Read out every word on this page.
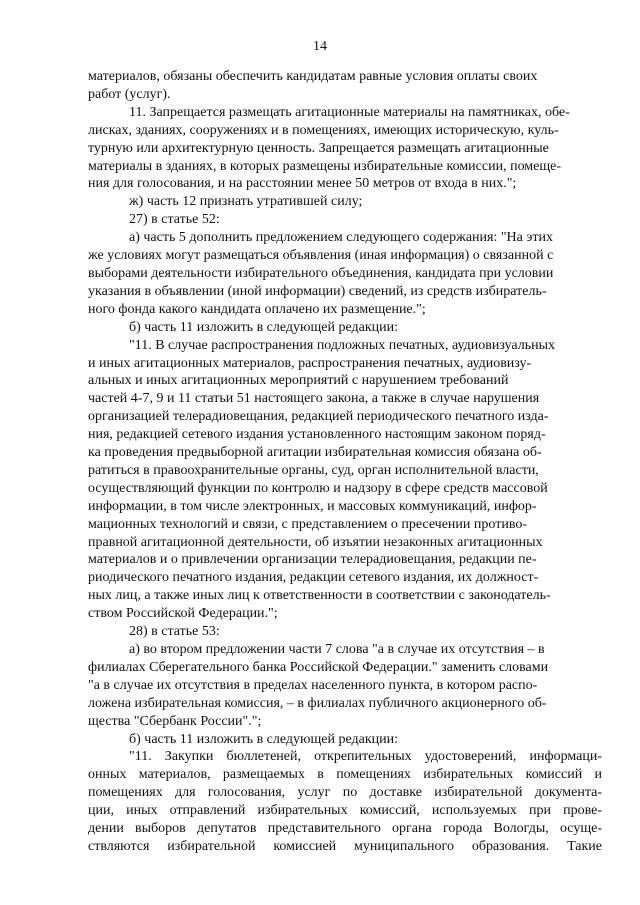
14

материалов, обязаны обеспечить кандидатам равные условия оплаты своих
работ (услуг).

11. Запрещается размещать агитационные материалы на памятниках, обе-
лисках, зданиях, сооружениях и в помещениях, имеющих историческую, куль-
турную или архитектурную ценность. Запрещается размещать агитационные
материалы в зданиях, в которых размещены избирательные комиссии, помеще-
ния для голосования, и на расстоянии менее 50 метров от входа в них.";

ж) часть 12 признать утратившей силу;

27) в статье 52:

а) часть 5 дополнить предложением следующего содержания: "На этих
же условиях могут размещаться объявления (иная информация) о связанной с
выборами деятельности избирательного объединения, кандидата при условии
указания в объявлении (иной информации) сведений, из средств избиратель-
ного фонда какого кандидата оплачено их размещение.";

б) часть 11 изложить в следующей редакции:

"11. В случае распространения подложных печатных, аудиовизуальных
и иных агитационных материалов, распространения печатных, аудиовизу-
альных и иных агитационных мероприятий с нарушением требований
частей 4-7, 9 и 11 статьи 51 настоящего закона, а также в случае нарушения
организацией телерадиовещания, редакцией периодического печатного изда-
ния, редакцией сетевого издания установленного настоящим законом поряд-
ка проведения предвыборной агитации избирательная комиссия обязана об-
ратиться в правоохранительные органы, суд, орган исполнительной власти,
осуществляющий функции по контролю и надзору в сфере средств массовой
информации, в том числе электронных, и массовых коммуникаций, инфор-
мационных технологий и связи, с представлением о пресечении противо-
правной агитационной деятельности, об изъятии незаконных агитационных
материалов и о привлечении организации телерадиовещания, редакции пе-
риодического печатного издания, редакции сетевого издания, их должност-
ных лиц, а также иных лиц к ответственности в соответствии с законодатель-
ством Российской Федерации.";

28) в статье 53:

а) во втором предложении части 7 слова "а в случае их отсутствия – в
филиалах Сберегательного банка Российской Федерации." заменить словами
"а в случае их отсутствия в пределах населенного пункта, в котором распо-
ложена избирательная комиссия, – в филиалах публичного акционерного об-
щества "Сбербанк России".";

б) часть 11 изложить в следующей редакции:

"11. Закупки бюллетеней, открепительных удостоверений, информаци-
онных материалов, размещаемых в помещениях избирательных комиссий и
помещениях для голосования, услуг по доставке избирательной документа-
ции, иных отправлений избирательных комиссий, используемых при прове-
дении выборов депутатов представительного органа города Вологды, осуще-
ствляются избирательной комиссией муниципального образования. Такие
